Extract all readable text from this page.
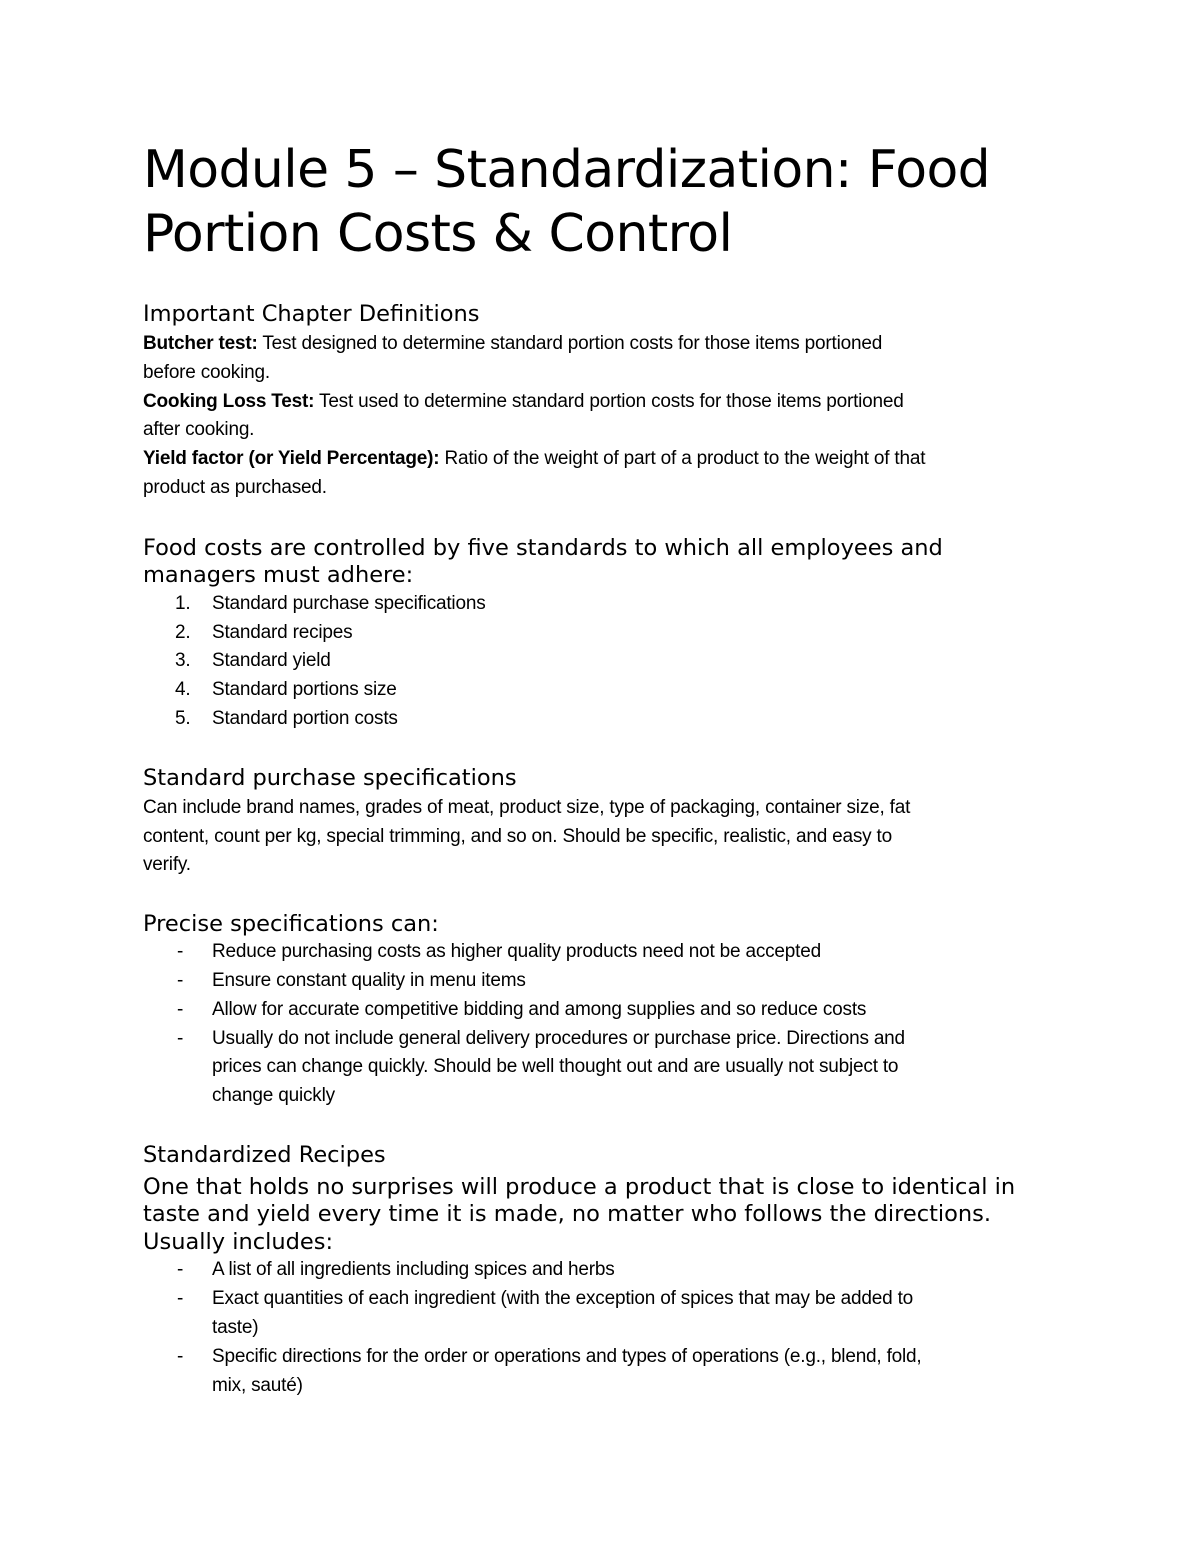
Module 5 – Standardization: Food
Portion Costs & Control
Important Chapter Definitions

Butcher test: Test designed to determine standard portion costs for those items portioned
before cooking.

Cooking Loss Test: Test used to determine standard portion costs for those items portioned
after cooking.

Yield factor (or Yield Percentage): Ratio of the weight of part of a product to the weight of that
product as purchased.

Food costs are controlled by five standards to which all employees and
managers must adhere:

1. Standard purchase specifications
2. Standard recipes
3. Standard yield
4. Standard portions size
5. Standard portion costs
Standard purchase specifications

Can include brand names, grades of meat, product size, type of packaging, container size, fat
content, count per kg, special trimming, and so on. Should be specific, realistic, and easy to
verify.

Precise specifications can:
- Reduce purchasing costs as higher quality products need not be accepted
- Ensure constant quality in menu items
- Allow for accurate competitive bidding and among supplies and so reduce costs
- Usually do not include general delivery procedures or purchase price. Directions and
prices can change quickly. Should be well thought out and are usually not subject to
change quickly
Standardized Recipes

One that holds no surprises will produce a product that is close to identical in
taste and yield every time it is made, no matter who follows the directions.
Usually includes:

- A list of all ingredients including spices and herbs
- Exact quantities of each ingredient (with the exception of spices that may be added to
taste)
- Specific directions for the order or operations and types of operations (e.g., blend, fold,
mix, sauté)
